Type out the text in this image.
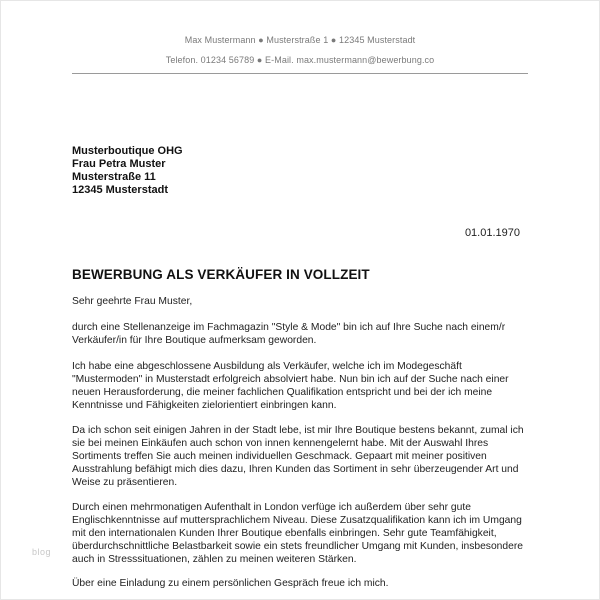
Max Mustermann ● Musterstraße 1 ● 12345 Musterstadt
Telefon. 01234 56789 ● E-Mail. max.mustermann@bewerbung.co
Musterboutique OHG
Frau Petra Muster
Musterstraße 11
12345 Musterstadt
01.01.1970
BEWERBUNG ALS VERKÄUFER IN VOLLZEIT

Sehr geehrte Frau Muster,

durch eine Stellenanzeige im Fachmagazin "Style & Mode" bin ich auf Ihre Suche nach einem/r Verkäufer/in für Ihre Boutique aufmerksam geworden.

Ich habe eine abgeschlossene Ausbildung als Verkäufer, welche ich im Modegeschäft "Mustermoden" in Musterstadt erfolgreich absolviert habe. Nun bin ich auf der Suche nach einer neuen Herausforderung, die meiner fachlichen Qualifikation entspricht und bei der ich meine Kenntnisse und Fähigkeiten zielorientiert einbringen kann.

Da ich schon seit einigen Jahren in der Stadt lebe, ist mir Ihre Boutique bestens bekannt, zumal ich sie bei meinen Einkäufen auch schon von innen kennengelernt habe. Mit der Auswahl Ihres Sortiments treffen Sie auch meinen individuellen Geschmack. Gepaart mit meiner positiven Ausstrahlung befähigt mich dies dazu, Ihren Kunden das Sortiment in sehr überzeugender Art und Weise zu präsentieren.

Durch einen mehrmonatigen Aufenthalt in London verfüge ich außerdem über sehr gute Englischkenntnisse auf muttersprachlichem Niveau. Diese Zusatzqualifikation kann ich im Umgang mit den internationalen Kunden Ihrer Boutique ebenfalls einbringen. Sehr gute Teamfähigkeit, überdurchschnittliche Belastbarkeit sowie ein stets freundlicher Umgang mit Kunden, insbesondere auch in Stresssituationen, zählen zu meinen weiteren Stärken.

Über eine Einladung zu einem persönlichen Gespräch freue ich mich.

blog
